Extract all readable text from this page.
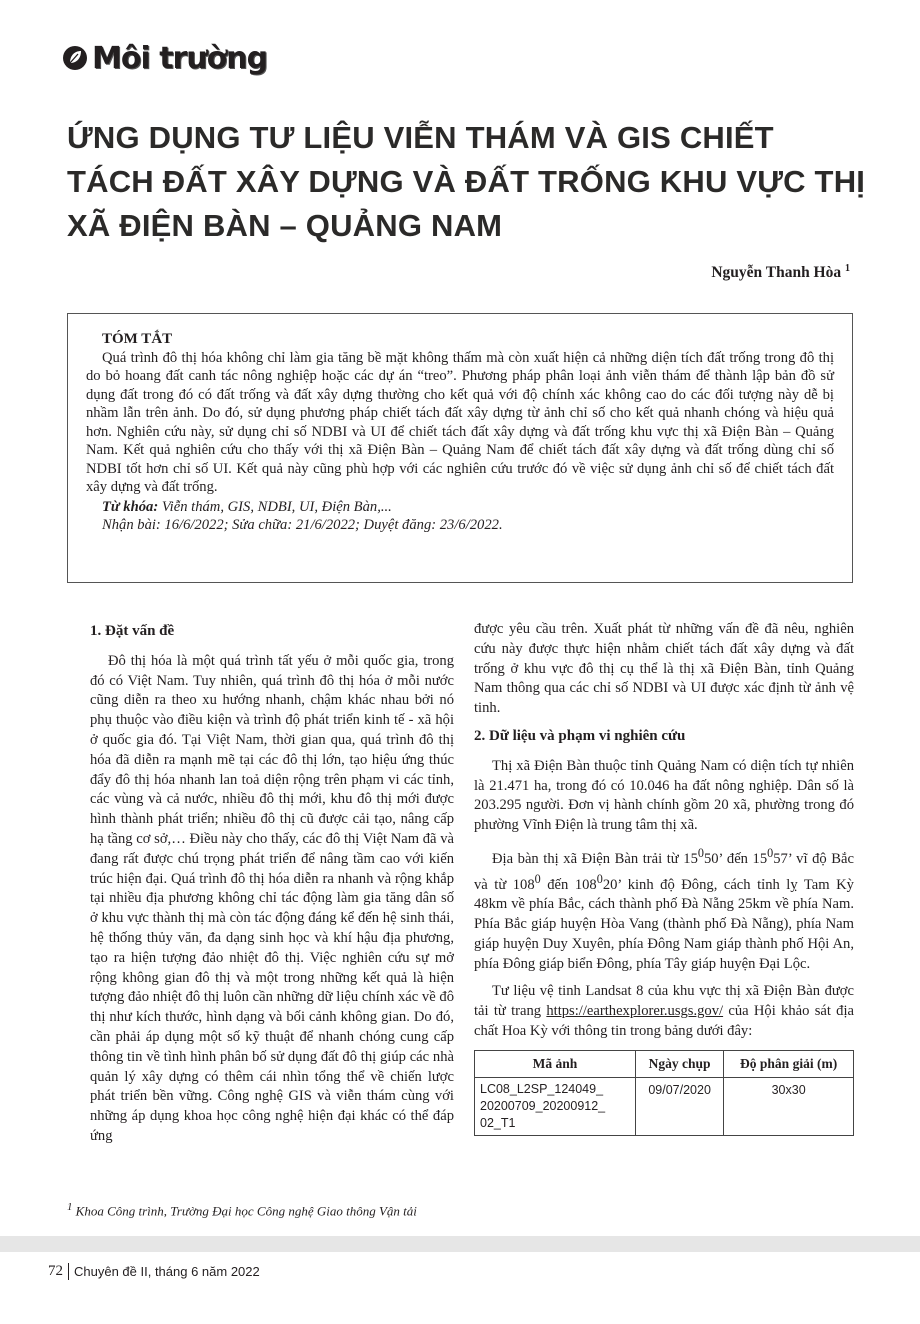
Môi trường
ỨNG DỤNG TƯ LIỆU VIỄN THÁM VÀ GIS CHIẾT TÁCH ĐẤT XÂY DỰNG VÀ ĐẤT TRỐNG KHU VỰC THỊ XÃ ĐIỆN BÀN – QUẢNG NAM
Nguyễn Thanh Hòa $^1$

TÓM TẮT

Quá trình đô thị hóa không chỉ làm gia tăng bề mặt không thấm mà còn xuất hiện cả những diện tích đất trống trong đô thị do bỏ hoang đất canh tác nông nghiệp hoặc các dự án “treo”. Phương pháp phân loại ảnh viễn thám để thành lập bản đồ sử dụng đất trong đó có đất trống và đất xây dựng thường cho kết quả với độ chính xác không cao do các đối tượng này dễ bị nhầm lẫn trên ảnh. Do đó, sử dụng phương pháp chiết tách đất xây dựng từ ảnh chỉ số cho kết quả nhanh chóng và hiệu quả hơn. Nghiên cứu này, sử dụng chỉ số NDBI và UI để chiết tách đất xây dựng và đất trống khu vực thị xã Điện Bàn – Quảng Nam. Kết quả nghiên cứu cho thấy với thị xã Điện Bàn – Quảng Nam để chiết tách đất xây dựng và đất trống dùng chỉ số NDBI tốt hơn chỉ số UI. Kết quả này cũng phù hợp với các nghiên cứu trước đó về việc sử dụng ảnh chỉ số để chiết tách đất xây dựng và đất trống.

Từ khóa: Viễn thám, GIS, NDBI, UI, Điện Bàn,...

Nhận bài: 16/6/2022; Sửa chữa: 21/6/2022; Duyệt đăng: 23/6/2022.

1. Đặt vấn đề

Đô thị hóa là một quá trình tất yếu ở mỗi quốc gia, trong đó có Việt Nam. Tuy nhiên, quá trình đô thị hóa ở mỗi nước cũng diễn ra theo xu hướng nhanh, chậm khác nhau bởi nó phụ thuộc vào điều kiện và trình độ phát triển kinh tế - xã hội ở quốc gia đó. Tại Việt Nam, thời gian qua, quá trình đô thị hóa đã diễn ra mạnh mẽ tại các đô thị lớn, tạo hiệu ứng thúc đẩy đô thị hóa nhanh lan toả diện rộng trên phạm vi các tỉnh, các vùng và cả nước, nhiều đô thị mới, khu đô thị mới được hình thành phát triển; nhiều đô thị cũ được cải tạo, nâng cấp hạ tầng cơ sở,… Điều này cho thấy, các đô thị Việt Nam đã và đang rất được chú trọng phát triển để nâng tầm cao với kiến trúc hiện đại. Quá trình đô thị hóa diễn ra nhanh và rộng khắp tại nhiều địa phương không chỉ tác động làm gia tăng dân số ở khu vực thành thị mà còn tác động đáng kể đến hệ sinh thái, hệ thống thủy văn, đa dạng sinh học và khí hậu địa phương, tạo ra hiện tượng đảo nhiệt đô thị. Việc nghiên cứu sự mở rộng không gian đô thị và một trong những kết quả là hiện tượng đảo nhiệt đô thị luôn cần những dữ liệu chính xác về đô thị như kích thước, hình dạng và bối cảnh không gian. Do đó, cần phải áp dụng một số kỹ thuật để nhanh chóng cung cấp thông tin về tình hình phân bố sử dụng đất đô thị giúp các nhà quản lý xây dựng có thêm cái nhìn tổng thể về chiến lược phát triển bền vững. Công nghệ GIS và viễn thám cùng với những áp dụng khoa học công nghệ hiện đại khác có thể đáp ứng

được yêu cầu trên. Xuất phát từ những vấn đề đã nêu, nghiên cứu này được thực hiện nhằm chiết tách đất xây dựng và đất trống ở khu vực đô thị cụ thể là thị xã Điện Bàn, tỉnh Quảng Nam thông qua các chỉ số NDBI và UI được xác định từ ảnh vệ tinh.

2. Dữ liệu và phạm vi nghiên cứu

Thị xã Điện Bàn thuộc tỉnh Quảng Nam có diện tích tự nhiên là 21.471 ha, trong đó có 10.046 ha đất nông nghiệp. Dân số là 203.295 người. Đơn vị hành chính gồm 20 xã, phường trong đó phường Vĩnh Điện là trung tâm thị xã.

Địa bàn thị xã Điện Bàn trải từ $15^050$’ đến $15^057$’ vĩ độ Bắc và từ $108^0$ đến $108^020$’ kinh độ Đông, cách tỉnh lỵ Tam Kỳ 48km về phía Bắc, cách thành phố Đà Nẵng 25km về phía Nam. Phía Bắc giáp huyện Hòa Vang (thành phố Đà Nẵng), phía Nam giáp huyện Duy Xuyên, phía Đông Nam giáp thành phố Hội An, phía Đông giáp biển Đông, phía Tây giáp huyện Đại Lộc.

Tư liệu vệ tinh Landsat 8 của khu vực thị xã Điện Bàn được tải từ trang https://earthexplorer.usgs.gov/ của Hội khảo sát địa chất Hoa Kỳ với thông tin trong bảng dưới đây:

Mã ảnh	Ngày chụp	Độ phân giải (m)
LC08_L2SP_124049_ 20200709_20200912_ 02_T1	09/07/2020	30x30
$^1$ Khoa Công trình, Trường Đại học Công nghệ Giao thông Vận tải
72 Chuyên đề II, tháng 6 năm 2022
